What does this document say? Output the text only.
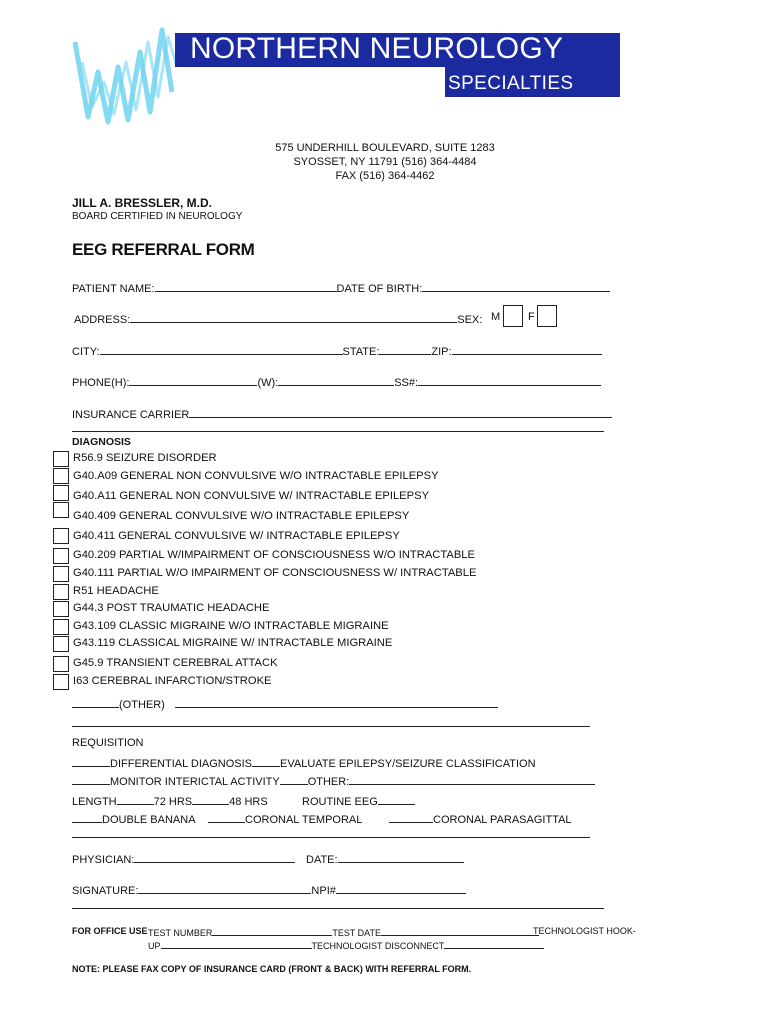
NORTHERN NEUROLOGY
SPECIALTIES
575 UNDERHILL BOULEVARD, SUITE 1283
SYOSSET, NY 11791 (516) 364-4484
FAX (516) 364-4462
JILL A. BRESSLER, M.D.
BOARD CERTIFIED IN NEUROLOGY
EEG REFERRAL FORM
PATIENT NAME:	DATE OF BIRTH:
ADDRESS:	SEX: M	F
CITY:	STATE:	ZIP:
PHONE(H):	(W):	SS#:
INSURANCE CARRIER
DIAGNOSIS
R56.9 SEIZURE DISORDER
G40.A09 GENERAL NON CONVULSIVE W/O INTRACTABLE EPILEPSY
G40.A11 GENERAL NON CONVULSIVE W/ INTRACTABLE EPILEPSY
G40.409 GENERAL CONVULSIVE W/O INTRACTABLE EPILEPSY
G40.411 GENERAL CONVULSIVE W/ INTRACTABLE EPILEPSY
G40.209 PARTIAL W/IMPAIRMENT OF CONSCIOUSNESS W/O INTRACTABLE
G40.111 PARTIAL W/O IMPAIRMENT OF CONSCIOUSNESS W/ INTRACTABLE
R51 HEADACHE
G44.3 POST TRAUMATIC HEADACHE
G43.109 CLASSIC MIGRAINE W/O INTRACTABLE MIGRAINE
G43.119 CLASSICAL MIGRAINE W/ INTRACTABLE MIGRAINE
G45.9 TRANSIENT CEREBRAL ATTACK
I63 CEREBRAL INFARCTION/STROKE
(OTHER)
REQUISITION
DIFFERENTIAL DIAGNOSIS	EVALUATE EPILEPSY/SEIZURE CLASSIFICATION
MONITOR INTERICTAL ACTIVITY	OTHER:
LENGTH	72 HRS	48 HRS	ROUTINE EEG
DOUBLE BANANA	CORONAL TEMPORAL	CORONAL PARASAGITTAL
PHYSICIAN:	DATE:
SIGNATURE:	NPI#
FOR OFFICE USE TEST NUMBER	TEST DATE	TECHNOLOGIST HOOK-
UP	TECHNOLOGIST DISCONNECT
NOTE: PLEASE FAX COPY OF INSURANCE CARD (FRONT & BACK) WITH REFERRAL FORM.
